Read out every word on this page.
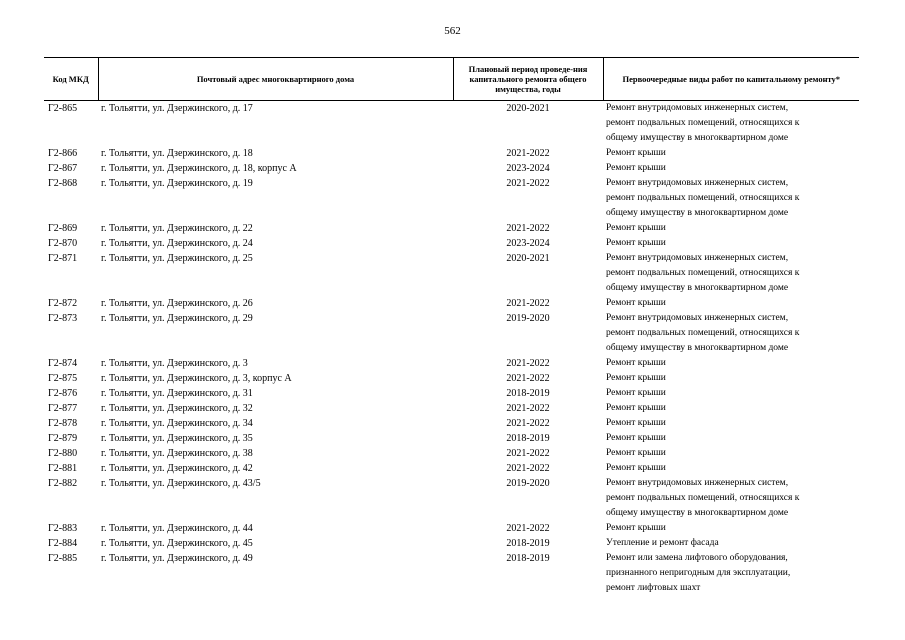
562
Код МКД	Почтовый адрес многоквартирного дома	Плановый период проведе-ния капитального ремонта общего имущества, годы	Первоочередные виды работ по капитальному ремонту*
Г2-865	г. Тольятти, ул. Дзержинского, д. 17	2020-2021	Ремонт внутридомовых инженерных систем,
ремонт подвальных помещений, относящихся к
общему имуществу в многоквартирном доме

Г2-866	г. Тольятти, ул. Дзержинского, д. 18	2021-2022	Ремонт крыши

Г2-867	г. Тольятти, ул. Дзержинского, д. 18, корпус А	2023-2024	Ремонт крыши

Г2-868	г. Тольятти, ул. Дзержинского, д. 19	2021-2022	Ремонт внутридомовых инженерных систем,
ремонт подвальных помещений, относящихся к
общему имуществу в многоквартирном доме

Г2-869	г. Тольятти, ул. Дзержинского, д. 22	2021-2022	Ремонт крыши

Г2-870	г. Тольятти, ул. Дзержинского, д. 24	2023-2024	Ремонт крыши

Г2-871	г. Тольятти, ул. Дзержинского, д. 25	2020-2021	Ремонт внутридомовых инженерных систем,
ремонт подвальных помещений, относящихся к
общему имуществу в многоквартирном доме

Г2-872	г. Тольятти, ул. Дзержинского, д. 26	2021-2022	Ремонт крыши

Г2-873	г. Тольятти, ул. Дзержинского, д. 29	2019-2020	Ремонт внутридомовых инженерных систем,
ремонт подвальных помещений, относящихся к
общему имуществу в многоквартирном доме

Г2-874	г. Тольятти, ул. Дзержинского, д. 3	2021-2022	Ремонт крыши

Г2-875	г. Тольятти, ул. Дзержинского, д. 3, корпус А	2021-2022	Ремонт крыши

Г2-876	г. Тольятти, ул. Дзержинского, д. 31	2018-2019	Ремонт крыши

Г2-877	г. Тольятти, ул. Дзержинского, д. 32	2021-2022	Ремонт крыши

Г2-878	г. Тольятти, ул. Дзержинского, д. 34	2021-2022	Ремонт крыши

Г2-879	г. Тольятти, ул. Дзержинского, д. 35	2018-2019	Ремонт крыши

Г2-880	г. Тольятти, ул. Дзержинского, д. 38	2021-2022	Ремонт крыши

Г2-881	г. Тольятти, ул. Дзержинского, д. 42	2021-2022	Ремонт крыши

Г2-882	г. Тольятти, ул. Дзержинского, д. 43/5	2019-2020	Ремонт внутридомовых инженерных систем,
ремонт подвальных помещений, относящихся к
общему имуществу в многоквартирном доме

Г2-883	г. Тольятти, ул. Дзержинского, д. 44	2021-2022	Ремонт крыши

Г2-884	г. Тольятти, ул. Дзержинского, д. 45	2018-2019	Утепление и ремонт фасада

Г2-885	г. Тольятти, ул. Дзержинского, д. 49	2018-2019	Ремонт или замена лифтового оборудования,
признанного непригодным для эксплуатации,
ремонт лифтовых шахт
